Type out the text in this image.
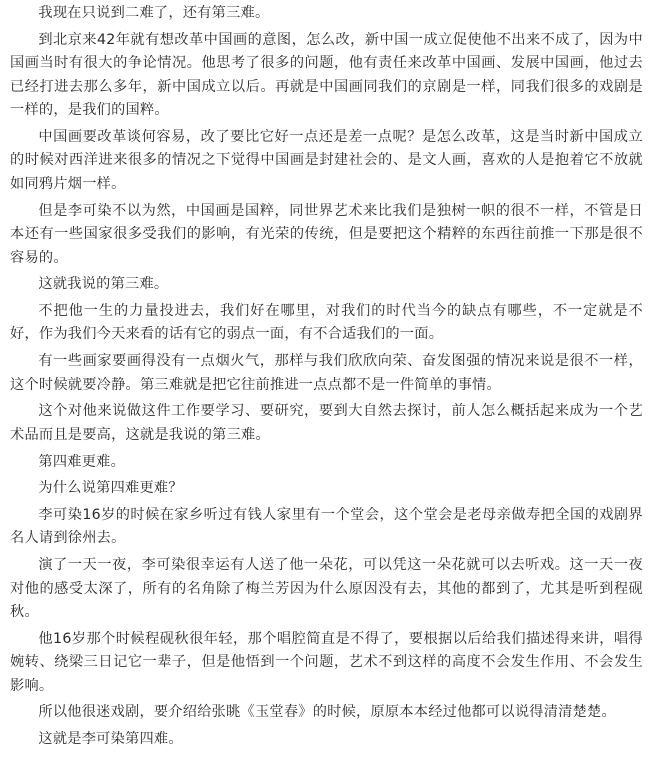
我现在只说到二难了，还有第三难。

到北京来42年就有想改革中国画的意图，怎么改，新中国一成立促使他不出来不成了，因为中国画当时有很大的争论情况。他思考了很多的问题，他有责任来改革中国画、发展中国画，他过去已经打进去那么多年，新中国成立以后。再就是中国画同我们的京剧是一样，同我们很多的戏剧是一样的，是我们的国粹。

中国画要改革谈何容易，改了要比它好一点还是差一点呢？是怎么改革，这是当时新中国成立的时候对西洋进来很多的情况之下觉得中国画是封建社会的、是文人画，喜欢的人是抱着它不放就如同鸦片烟一样。

但是李可染不以为然，中国画是国粹，同世界艺术来比我们是独树一帜的很不一样，不管是日本还有一些国家很多受我们的影响，有光荣的传统，但是要把这个精粹的东西往前推一下那是很不容易的。

这就我说的第三难。

不把他一生的力量投进去，我们好在哪里，对我们的时代当今的缺点有哪些，不一定就是不好，作为我们今天来看的话有它的弱点一面，有不合适我们的一面。

有一些画家要画得没有一点烟火气，那样与我们欣欣向荣、奋发图强的情况来说是很不一样，这个时候就要冷静。第三难就是把它往前推进一点点都不是一件简单的事情。

这个对他来说做这件工作要学习、要研究，要到大自然去探讨，前人怎么概括起来成为一个艺术品而且是要高，这就是我说的第三难。

第四难更难。

为什么说第四难更难？

李可染16岁的时候在家乡听过有钱人家里有一个堂会，这个堂会是老母亲做寿把全国的戏剧界名人请到徐州去。

演了一天一夜，李可染很幸运有人送了他一朵花，可以凭这一朵花就可以去听戏。这一天一夜对他的感受太深了，所有的名角除了梅兰芳因为什么原因没有去，其他的都到了，尤其是听到程砚秋。

他16岁那个时候程砚秋很年轻，那个唱腔简直是不得了，要根据以后给我们描述得来讲，唱得婉转、绕梁三日记它一辈子，但是他悟到一个问题，艺术不到这样的高度不会发生作用、不会发生影响。

所以他很迷戏剧，要介绍给张眺《玉堂春》的时候，原原本本经过他都可以说得清清楚楚。

这就是李可染第四难。
